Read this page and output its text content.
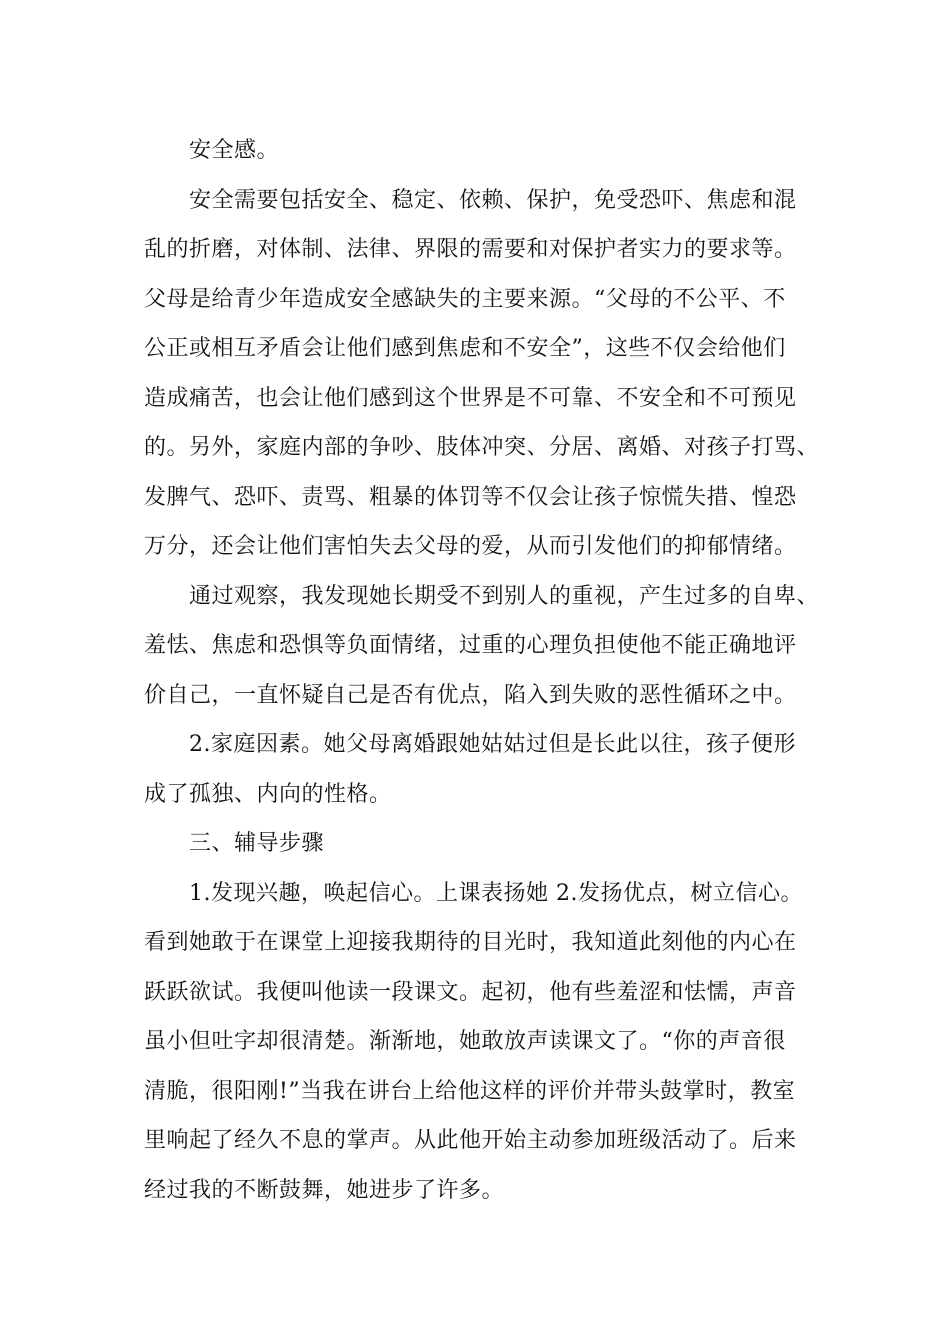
安全感。
安全需要包括安全、稳定、依赖、保护，免受恐吓、焦虑和混
乱的折磨，对体制、法律、界限的需要和对保护者实力的要求等。
父母是给青少年造成安全感缺失的主要来源。“父母的不公平、不
公正或相互矛盾会让他们感到焦虑和不安全”，这些不仅会给他们
造成痛苦，也会让他们感到这个世界是不可靠、不安全和不可预见
的。另外，家庭内部的争吵、肢体冲突、分居、离婚、对孩子打骂、
发脾气、恐吓、责骂、粗暴的体罚等不仅会让孩子惊慌失措、惶恐
万分，还会让他们害怕失去父母的爱，从而引发他们的抑郁情绪。
通过观察，我发现她长期受不到别人的重视，产生过多的自卑、
羞怯、焦虑和恐惧等负面情绪，过重的心理负担使他不能正确地评
价自己，一直怀疑自己是否有优点，陷入到失败的恶性循环之中。
2.家庭因素。她父母离婚跟她姑姑过但是长此以往，孩子便形
成了孤独、内向的性格。
三、辅导步骤
1.发现兴趣，唤起信心。上课表扬她 2.发扬优点，树立信心。
看到她敢于在课堂上迎接我期待的目光时，我知道此刻他的内心在
跃跃欲试。我便叫他读一段课文。起初，他有些羞涩和怯懦，声音
虽小但吐字却很清楚。渐渐地，她敢放声读课文了。“你的声音很
清脆，很阳刚!”当我在讲台上给他这样的评价并带头鼓掌时，教室
里响起了经久不息的掌声。从此他开始主动参加班级活动了。后来
经过我的不断鼓舞，她进步了许多。
